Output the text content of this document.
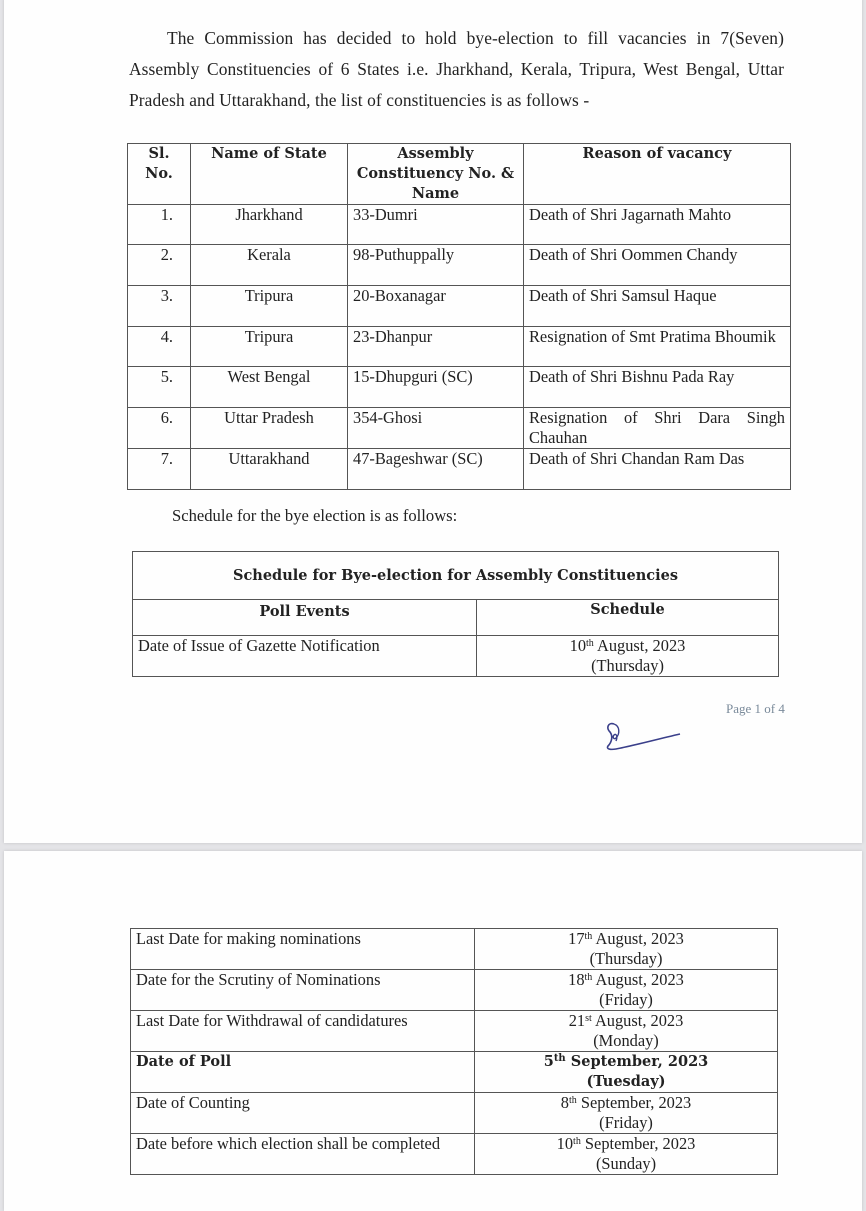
The Commission has decided to hold bye-election to fill vacancies in 7(Seven) Assembly Constituencies of 6 States i.e. Jharkhand, Kerala, Tripura, West Bengal, Uttar Pradesh and Uttarakhand, the list of constituencies is as follows -

Sl. No.	Name of State	Assembly Constituency No. & Name	Reason of vacancy
1.	Jharkhand	33-Dumri	Death of Shri Jagarnath Mahto
2.	Kerala	98-Puthuppally	Death of Shri Oommen Chandy
3.	Tripura	20-Boxanagar	Death of Shri Samsul Haque
4.	Tripura	23-Dhanpur	Resignation of Smt Pratima Bhoumik
5.	West Bengal	15-Dhupguri (SC)	Death of Shri Bishnu Pada Ray
6.	Uttar Pradesh	354-Ghosi	Resignation of Shri Dara Singh Chauhan
7.	Uttarakhand	47-Bageshwar (SC)	Death of Shri Chandan Ram Das
Schedule for the bye election is as follows:
Schedule for Bye-election for Assembly Constituencies	
Poll Events	Schedule
Date of Issue of Gazette Notification	10th August, 2023
(Thursday)
Page 1 of 4
Last Date for making nominations	17th August, 2023
(Thursday)
Date for the Scrutiny of Nominations	18th August, 2023
(Friday)
Last Date for Withdrawal of candidatures	21st August, 2023
(Monday)
Date of Poll	5th September, 2023
(Tuesday)
Date of Counting	8th September, 2023
(Friday)
Date before which election shall be completed	10th September, 2023
(Sunday)
